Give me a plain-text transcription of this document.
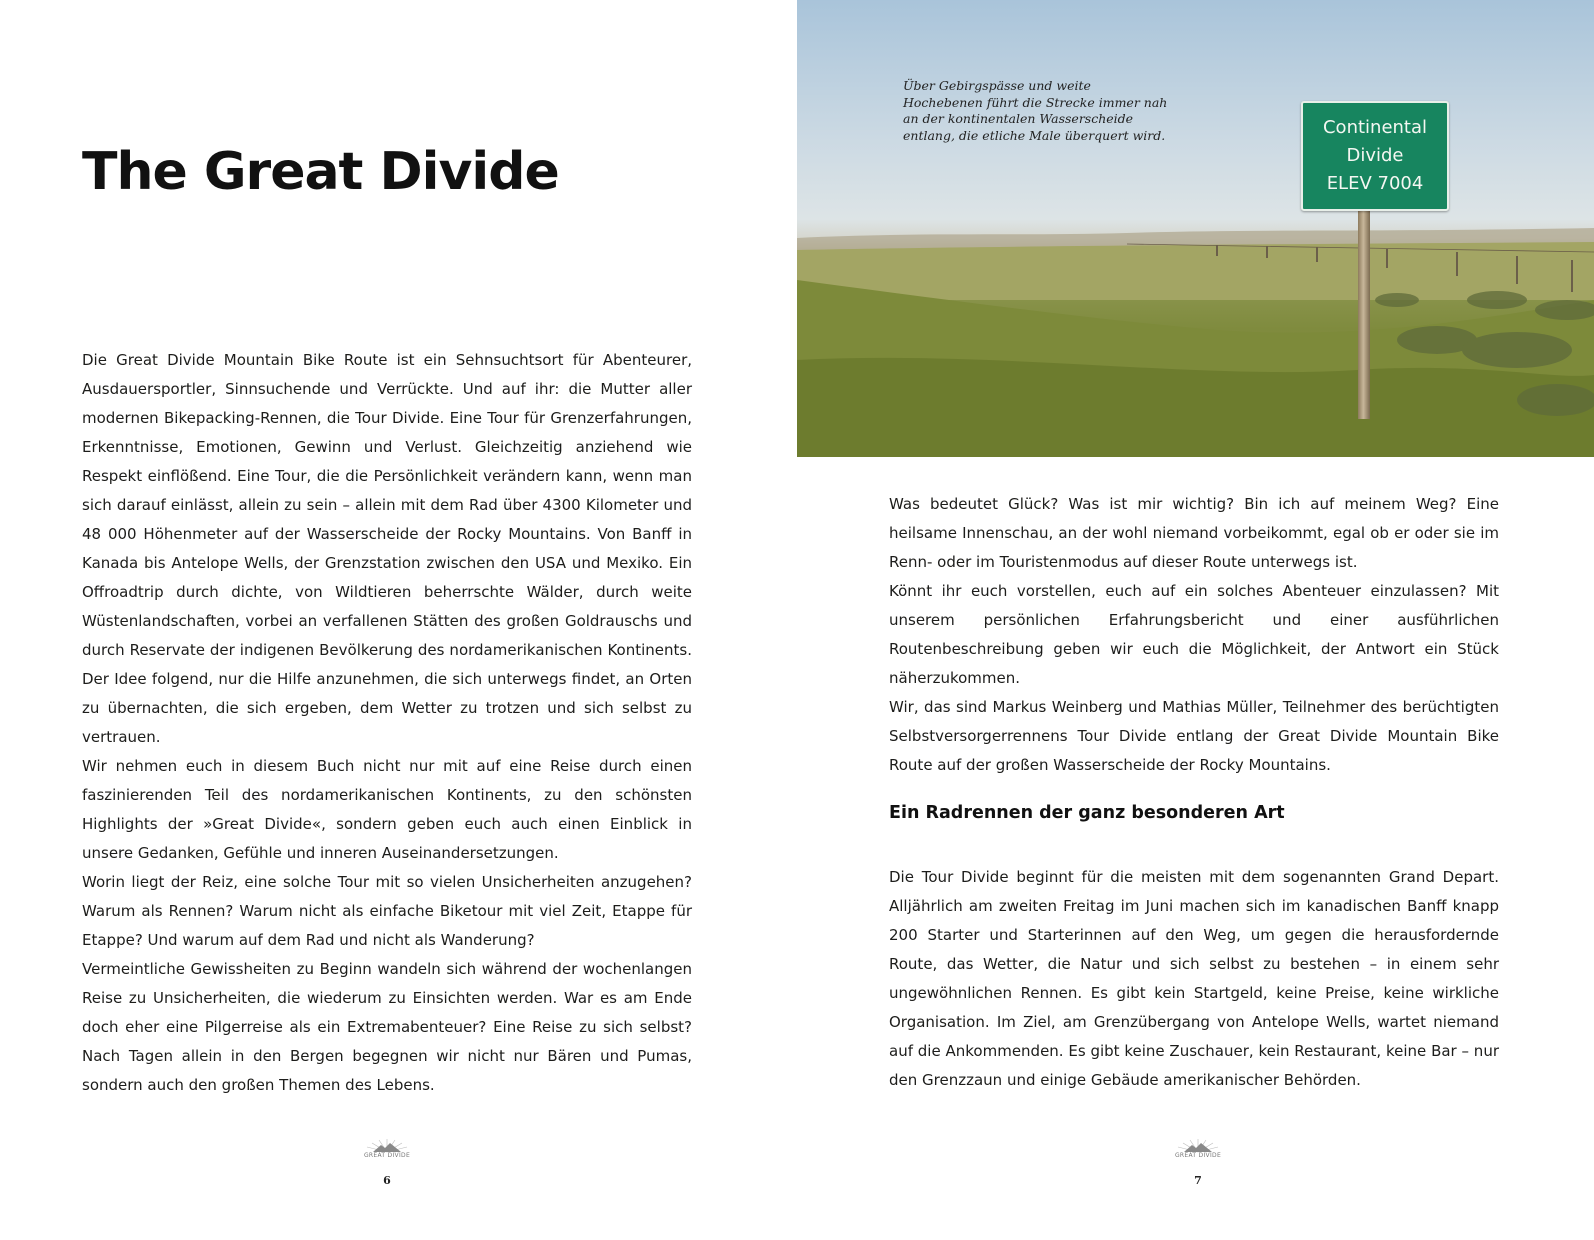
The Great Divide

Die Great Divide Mountain Bike Route ist ein Sehnsuchtsort für Abenteurer, Ausdauersportler, Sinnsuchende und Verrückte. Und auf ihr: die Mutter aller modernen Bikepacking-Rennen, die Tour Divide. Eine Tour für Grenzerfahrungen, Erkenntnisse, Emotionen, Gewinn und Verlust. Gleichzeitig anziehend wie Respekt einflößend. Eine Tour, die die Persönlichkeit verändern kann, wenn man sich darauf einlässt, allein zu sein – allein mit dem Rad über 4300 Kilometer und 48 000 Höhenmeter auf der Wasserscheide der Rocky Mountains. Von Banff in Kanada bis Antelope Wells, der Grenzstation zwischen den USA und Mexiko. Ein Offroadtrip durch dichte, von Wildtieren beherrschte Wälder, durch weite Wüstenlandschaften, vorbei an verfallenen Stätten des großen Goldrauschs und durch Reservate der indigenen Bevölkerung des nordamerikanischen Kontinents. Der Idee folgend, nur die Hilfe anzunehmen, die sich unterwegs findet, an Orten zu übernachten, die sich ergeben, dem Wetter zu trotzen und sich selbst zu vertrauen.

Wir nehmen euch in diesem Buch nicht nur mit auf eine Reise durch einen faszinierenden Teil des nordamerikanischen Kontinents, zu den schönsten Highlights der »Great Divide«, sondern geben euch auch einen Einblick in unsere Gedanken, Gefühle und inneren Auseinandersetzungen.

Worin liegt der Reiz, eine solche Tour mit so vielen Unsicherheiten anzugehen? Warum als Rennen? Warum nicht als einfache Biketour mit viel Zeit, Etappe für Etappe? Und warum auf dem Rad und nicht als Wanderung?

Vermeintliche Gewissheiten zu Beginn wandeln sich während der wochenlangen Reise zu Unsicherheiten, die wiederum zu Einsichten werden. War es am Ende doch eher eine Pilgerreise als ein Extremabenteuer? Eine Reise zu sich selbst? Nach Tagen allein in den Bergen begegnen wir nicht nur Bären und Pumas, sondern auch den großen Themen des Lebens.

GREAT DIVIDE

6

Continental
Divide
ELEV 7004

Über Gebirgspässe und weite Hochebenen führt die Strecke immer nah an der kontinentalen Wasserscheide entlang, die etliche Male überquert wird.

Was bedeutet Glück? Was ist mir wichtig? Bin ich auf meinem Weg? Eine heilsame Innenschau, an der wohl niemand vorbeikommt, egal ob er oder sie im Renn- oder im Touristenmodus auf dieser Route unterwegs ist.

Könnt ihr euch vorstellen, euch auf ein solches Abenteuer einzulassen? Mit unserem persönlichen Erfahrungsbericht und einer ausführlichen Routenbeschreibung geben wir euch die Möglichkeit, der Antwort ein Stück näherzukommen.

Wir, das sind Markus Weinberg und Mathias Müller, Teilnehmer des berüchtigten Selbstversorgerrennens Tour Divide entlang der Great Divide Mountain Bike Route auf der großen Wasserscheide der Rocky Mountains.

Ein Radrennen der ganz besonderen Art

Die Tour Divide beginnt für die meisten mit dem sogenannten Grand Depart. Alljährlich am zweiten Freitag im Juni machen sich im kanadischen Banff knapp 200 Starter und Starterinnen auf den Weg, um gegen die herausfordernde Route, das Wetter, die Natur und sich selbst zu bestehen – in einem sehr ungewöhnlichen Rennen. Es gibt kein Startgeld, keine Preise, keine wirkliche Organisation. Im Ziel, am Grenzübergang von Antelope Wells, wartet niemand auf die Ankommenden. Es gibt keine Zuschauer, kein Restaurant, keine Bar – nur den Grenzzaun und einige Gebäude amerikanischer Behörden.

GREAT DIVIDE

7
